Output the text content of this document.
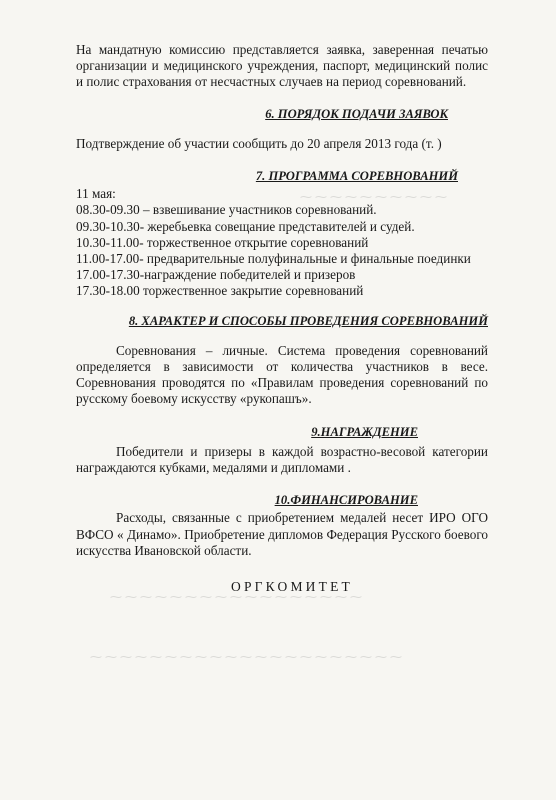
⁓ ⁓ ⁓ ⁓ ⁓ ⁓ ⁓ ⁓ ⁓ ⁓
⁓ ⁓ ⁓ ⁓ ⁓ ⁓ ⁓ ⁓ ⁓ ⁓ ⁓ ⁓ ⁓ ⁓ ⁓ ⁓ ⁓
⁓ ⁓ ⁓ ⁓ ⁓ ⁓ ⁓ ⁓ ⁓ ⁓ ⁓ ⁓ ⁓ ⁓ ⁓ ⁓ ⁓ ⁓ ⁓ ⁓ ⁓

На мандатную комиссию представляется заявка, заверенная печатью организации и медицинского учреждения, паспорт, медицинский полис и полис страхования от несчастных случаев на период соревнований.

6. ПОРЯДОК ПОДАЧИ ЗАЯВОК

Подтверждение об участии сообщить до 20 апреля 2013 года (т. )

7. ПРОГРАММА СОРЕВНОВАНИЙ

11 мая:

08.30-09.30 – взвешивание участников соревнований.

09.30-10.30- жеребьевка совещание представителей и судей.

10.30-11.00- торжественное открытие соревнований

11.00-17.00- предварительные полуфинальные и финальные поединки

17.00-17.30-награждение победителей и призеров

17.30-18.00 торжественное закрытие соревнований

8. ХАРАКТЕР И СПОСОБЫ ПРОВЕДЕНИЯ СОРЕВНОВАНИЙ

Соревнования – личные. Система проведения соревнований определяется в зависимости от количества участников в весе. Соревнования проводятся по «Правилам проведения соревнований по русскому боевому искусству «рукопашъ».

9.НАГРАЖДЕНИЕ

Победители и призеры в каждой возрастно-весовой категории награждаются кубками, медалями и дипломами .

10.ФИНАНСИРОВАНИЕ

Расходы, связанные с приобретением медалей несет ИРО ОГО ВФСО « Динамо». Приобретение дипломов Федерация Русского боевого искусства Ивановской области.

ОРГКОМИТЕТ
